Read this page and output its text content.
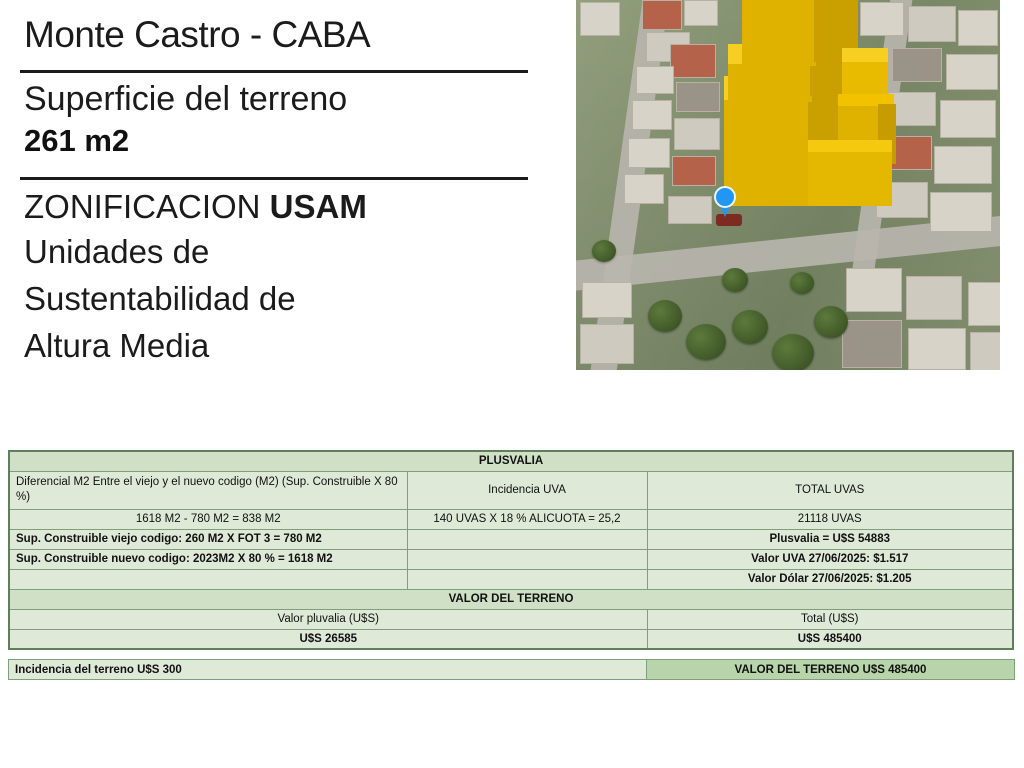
Monte Castro - CABA
Superficie del terreno
261 m2
ZONIFICACION USAM
Unidades de
Sustentabilidad de
Altura Media
PLUSVALIA		
Diferencial M2 Entre el viejo y el nuevo codigo (M2) (Sup. Construible X 80 %)	Incidencia UVA	TOTAL UVAS
1618 M2 - 780 M2 = 838 M2	140 UVAS X 18 % ALICUOTA = 25,2	21118 UVAS
Sup. Construible viejo codigo: 260 M2 X FOT 3 = 780 M2		Plusvalia = U$S 54883
Sup. Construible nuevo codigo: 2023M2 X 80 % = 1618 M2		Valor UVA 27/06/2025: $1.517
		Valor Dólar 27/06/2025: $1.205
VALOR DEL TERRENO		
Valor pluvalia (U$S)		Total (U$S)
U$S 26585		U$S 485400
Incidencia del terreno U$S 300	VALOR DEL TERRENO U$S 485400
